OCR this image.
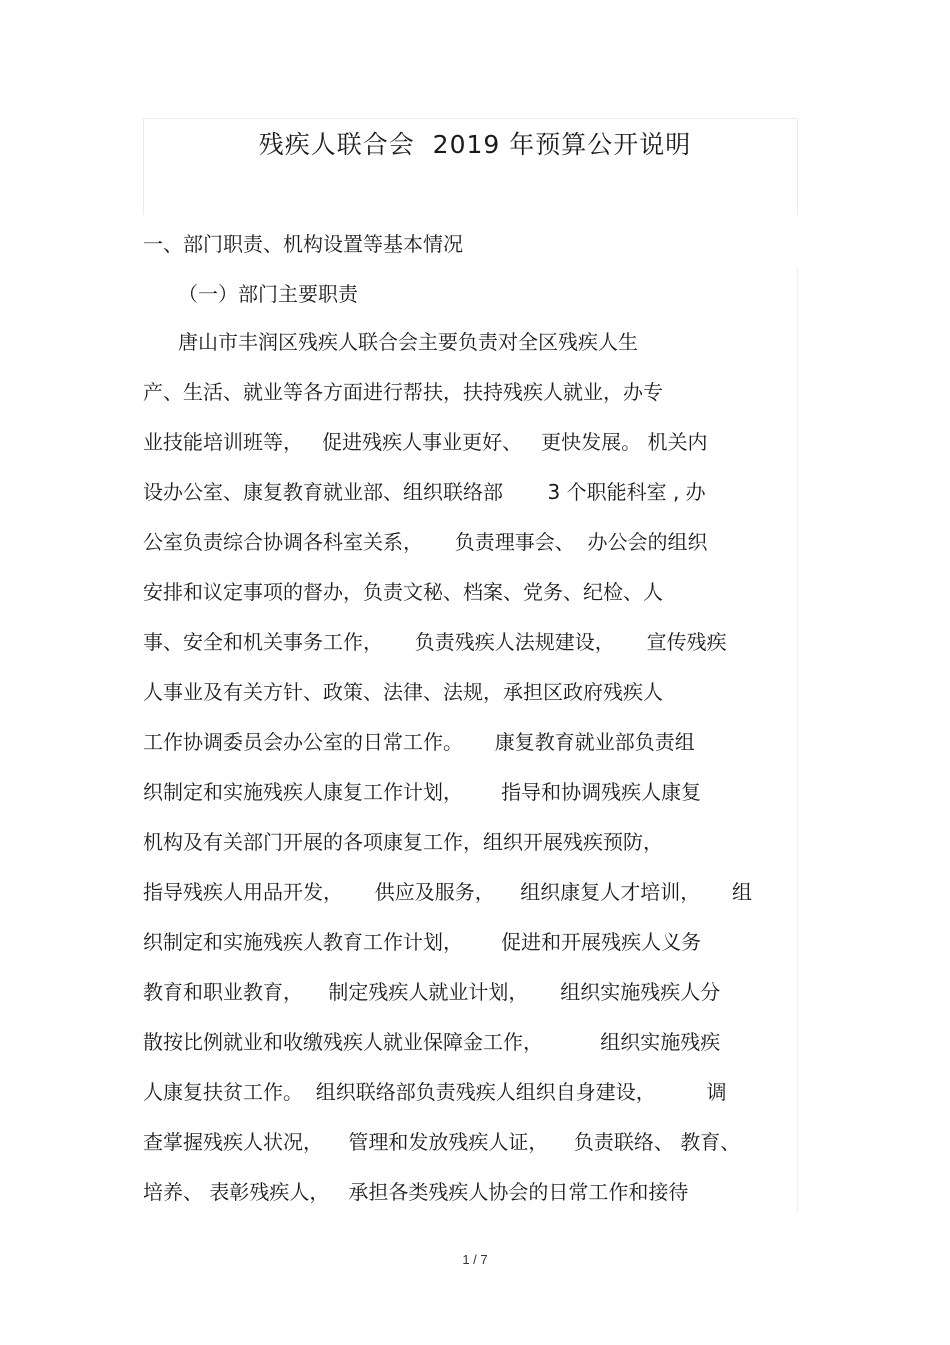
残疾人联合会  2019 年预算公开说明
一、部门职责、机构设置等基本情况
（一）部门主要职责
唐山市丰润区残疾人联合会主要负责对全区残疾人生
产、生活、就业等各方面进行帮扶，扶持残疾人就业，办专
业技能培训班等，   促进残疾人事业更好、   更快发展。 机关内
设办公室、康复教育就业部、组织联络部       3 个职能科室 , 办
公室负责综合协调各科室关系，     负责理事会、  办公会的组织
安排和议定事项的督办，负责文秘、档案、党务、纪检、人
事、安全和机关事务工作，     负责残疾人法规建设，     宣传残疾
人事业及有关方针、政策、法律、法规，承担区政府残疾人
工作协调委员会办公室的日常工作。     康复教育就业部负责组
织制定和实施残疾人康复工作计划，      指导和协调残疾人康复
机构及有关部门开展的各项康复工作，组织开展残疾预防，
指导残疾人用品开发，     供应及服务，    组织康复人才培训，     组
织制定和实施残疾人教育工作计划，      促进和开展残疾人义务
教育和职业教育，    制定残疾人就业计划，     组织实施残疾人分
散按比例就业和收缴残疾人就业保障金工作，         组织实施残疾
人康复扶贫工作。  组织联络部负责残疾人组织自身建设，        调
查掌握残疾人状况，    管理和发放残疾人证，    负责联络、 教育、
培养、 表彰残疾人，   承担各类残疾人协会的日常工作和接待
1 / 7
